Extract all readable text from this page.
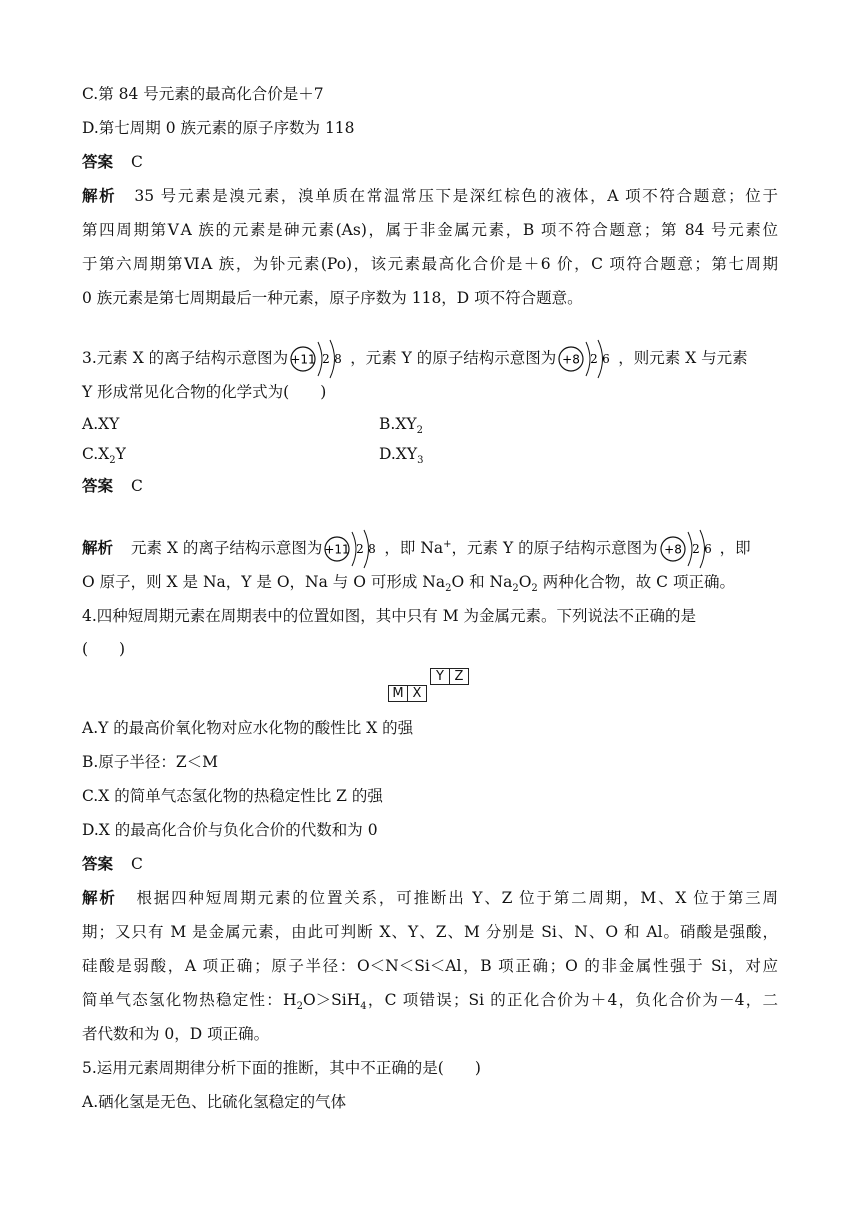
C.第 84 号元素的最高化合价是＋7
D.第七周期 0 族元素的原子序数为 118
答案 C
解析 35 号元素是溴元素，溴单质在常温常压下是深红棕色的液体，A 项不符合题意；位于
第四周期第ⅤA 族的元素是砷元素(As)，属于非金属元素，B 项不符合题意；第 84 号元素位
于第六周期第ⅥA 族，为钋元素(Po)，该元素最高化合价是＋6 价，C 项符合题意；第七周期
0 族元素是第七周期最后一种元素，原子序数为 118，D 项不符合题意。
3.元素 X 的离子结构示意图为 +11 2 8 ，元素 Y 的原子结构示意图为 +8 2 6 ，则元素 X 与元素
Y 形成常见化合物的化学式为(　　)
A.XY	$B.XY_2$
$C.X_2Y$	$D.XY_3$
答案 C
解析 元素 X 的离子结构示意图为 +11 2 8 ，即 Na+，元素 Y 的原子结构示意图为 +8 2 6 ，即
O 原子，则 X 是 Na，Y 是 O，Na 与 O 可形成 $Na_2O$ 和 $Na_2O_2$ 两种化合物，故 C 项正确。
4.四种短周期元素在周期表中的位置如图，其中只有 M 为金属元素。下列说法不正确的是
(　　)
Y Z
M X
A.Y 的最高价氧化物对应水化物的酸性比 X 的强
B.原子半径：Z＜M
C.X 的简单气态氢化物的热稳定性比 Z 的强
D.X 的最高化合价与负化合价的代数和为 0
答案 C
解析 根据四种短周期元素的位置关系，可推断出 Y、Z 位于第二周期，M、X 位于第三周
期；又只有 M 是金属元素，由此可判断 X、Y、Z、M 分别是 Si、N、O 和 Al。硝酸是强酸，
硅酸是弱酸，A 项正确；原子半径：O＜N＜Si＜Al，B 项正确；O 的非金属性强于 Si，对应
简单气态氢化物热稳定性：$H_2O>SiH_4$，C 项错误；Si 的正化合价为＋4，负化合价为－4，二
者代数和为 0，D 项正确。
5.运用元素周期律分析下面的推断，其中不正确的是(　　)
A.硒化氢是无色、比硫化氢稳定的气体
